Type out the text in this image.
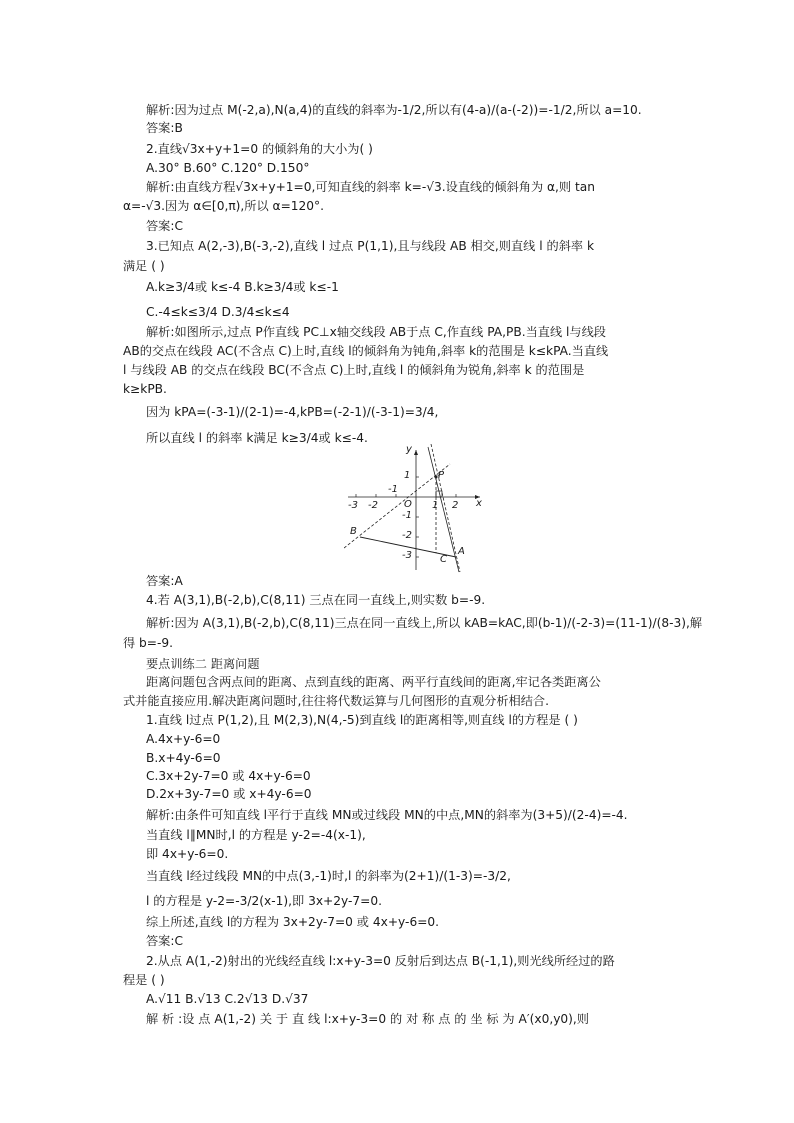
解析:因为过点 M(-2,a),N(a,4)的直线的斜率为-1/2,所以有(4-a)/(a-(-2))=-1/2,所以 a=10.
答案:B
2.直线√3x+y+1=0 的倾斜角的大小为( )
A.30° B.60° C.120° D.150°
解析:由直线方程√3x+y+1=0,可知直线的斜率 k=-√3.设直线的倾斜角为 α,则 tan
α=-√3.因为 α∈[0,π),所以 α=120°.
答案:C
3.已知点 A(2,-3),B(-3,-2),直线 l 过点 P(1,1),且与线段 AB 相交,则直线 l 的斜率 k
满足 ( )
A.k≥3/4或 k≤-4 B.k≥3/4或 k≤-1
C.-4≤k≤3/4 D.3/4≤k≤4
解析:如图所示,过点 P作直线 PC⊥x轴交线段 AB于点 C,作直线 PA,PB.当直线 l与线段
AB的交点在线段 AC(不含点 C)上时,直线 l的倾斜角为钝角,斜率 k的范围是 k≤kPA.当直线
l 与线段 AB 的交点在线段 BC(不含点 C)上时,直线 l 的倾斜角为锐角,斜率 k 的范围是
k≥kPB.
因为 kPA=(-3-1)/(2-1)=-4,kPB=(-2-1)/(-3-1)=3/4,
所以直线 l 的斜率 k满足 k≥3/4或 k≤-4.
答案:A
4.若 A(3,1),B(-2,b),C(8,11) 三点在同一直线上,则实数 b=-9.
解析:因为 A(3,1),B(-2,b),C(8,11)三点在同一直线上,所以 kAB=kAC,即(b-1)/(-2-3)=(11-1)/(8-3),解
得 b=-9.
要点训练二 距离问题
距离问题包含两点间的距离、点到直线的距离、两平行直线间的距离,牢记各类距离公
式并能直接应用.解决距离问题时,往往将代数运算与几何图形的直观分析相结合.
1.直线 l过点 P(1,2),且 M(2,3),N(4,-5)到直线 l的距离相等,则直线 l的方程是 ( )
A.4x+y-6=0
B.x+4y-6=0
C.3x+2y-7=0 或 4x+y-6=0
D.2x+3y-7=0 或 x+4y-6=0
解析:由条件可知直线 l平行于直线 MN或过线段 MN的中点,MN的斜率为(3+5)/(2-4)=-4.
当直线 l∥MN时,l 的方程是 y-2=-4(x-1),
即 4x+y-6=0.
当直线 l经过线段 MN的中点(3,-1)时,l 的斜率为(2+1)/(1-3)=-3/2,
l 的方程是 y-2=-3/2(x-1),即 3x+2y-7=0.
综上所述,直线 l的方程为 3x+2y-7=0 或 4x+y-6=0.
答案:C
2.从点 A(1,-2)射出的光线经直线 l:x+y-3=0 反射后到达点 B(-1,1),则光线所经过的路
程是 ( )
A.√11 B.√13 C.2√13 D.√37
解 析 :设 点 A(1,-2) 关 于 直 线 l:x+y-3=0 的 对 称 点 的 坐 标 为 A′(x0,y0),则
x
y
O
-3 -2
-1
1 2
1
-1
-2
-3
P
A
B
C
